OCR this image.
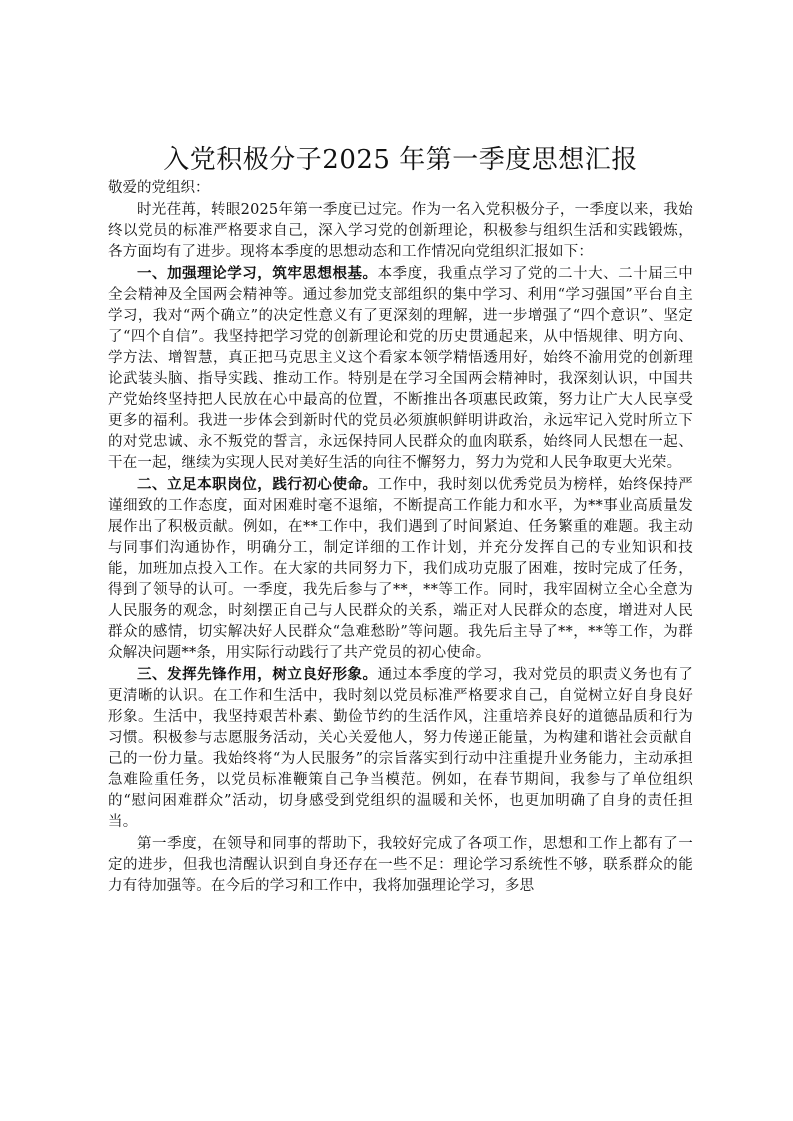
入党积极分子2025 年第一季度思想汇报

敬爱的党组织：

时光荏苒，转眼2025年第一季度已过完。作为一名入党积极分子，一季度以来，我始终以党员的标准严格要求自己，深入学习党的创新理论，积极参与组织生活和实践锻炼，各方面均有了进步。现将本季度的思想动态和工作情况向党组织汇报如下：

一、加强理论学习，筑牢思想根基。本季度，我重点学习了党的二十大、二十届三中全会精神及全国两会精神等。通过参加党支部组织的集中学习、利用“学习强国”平台自主学习，我对“两个确立”的决定性意义有了更深刻的理解，进一步增强了“四个意识”、坚定了“四个自信”。我坚持把学习党的创新理论和党的历史贯通起来，从中悟规律、明方向、学方法、增智慧，真正把马克思主义这个看家本领学精悟透用好，始终不渝用党的创新理论武装头脑、指导实践、推动工作。特别是在学习全国两会精神时，我深刻认识，中国共产党始终坚持把人民放在心中最高的位置，不断推出各项惠民政策，努力让广大人民享受更多的福利。我进一步体会到新时代的党员必须旗帜鲜明讲政治，永远牢记入党时所立下的对党忠诚、永不叛党的誓言，永远保持同人民群众的血肉联系，始终同人民想在一起、干在一起，继续为实现人民对美好生活的向往不懈努力，努力为党和人民争取更大光荣。

二、立足本职岗位，践行初心使命。工作中，我时刻以优秀党员为榜样，始终保持严谨细致的工作态度，面对困难时毫不退缩，不断提高工作能力和水平，为**事业高质量发展作出了积极贡献。例如，在**工作中，我们遇到了时间紧迫、任务繁重的难题。我主动与同事们沟通协作，明确分工，制定详细的工作计划，并充分发挥自己的专业知识和技能，加班加点投入工作。在大家的共同努力下，我们成功克服了困难，按时完成了任务，得到了领导的认可。一季度，我先后参与了**，**等工作。同时，我牢固树立全心全意为人民服务的观念，时刻摆正自己与人民群众的关系，端正对人民群众的态度，增进对人民群众的感情，切实解决好人民群众“急难愁盼”等问题。我先后主导了**，**等工作，为群众解决问题**条，用实际行动践行了共产党员的初心使命。

三、发挥先锋作用，树立良好形象。通过本季度的学习，我对党员的职责义务也有了更清晰的认识。在工作和生活中，我时刻以党员标准严格要求自己，自觉树立好自身良好形象。生活中，我坚持艰苦朴素、勤俭节约的生活作风，注重培养良好的道德品质和行为习惯。积极参与志愿服务活动，关心关爱他人，努力传递正能量，为构建和谐社会贡献自己的一份力量。我始终将“为人民服务”的宗旨落实到行动中注重提升业务能力，主动承担急难险重任务，以党员标准鞭策自己争当模范。例如，在春节期间，我参与了单位组织的“慰问困难群众”活动，切身感受到党组织的温暖和关怀，也更加明确了自身的责任担当。

第一季度，在领导和同事的帮助下，我较好完成了各项工作，思想和工作上都有了一定的进步，但我也清醒认识到自身还存在一些不足：理论学习系统性不够，联系群众的能力有待加强等。在今后的学习和工作中，我将加强理论学习，多思
